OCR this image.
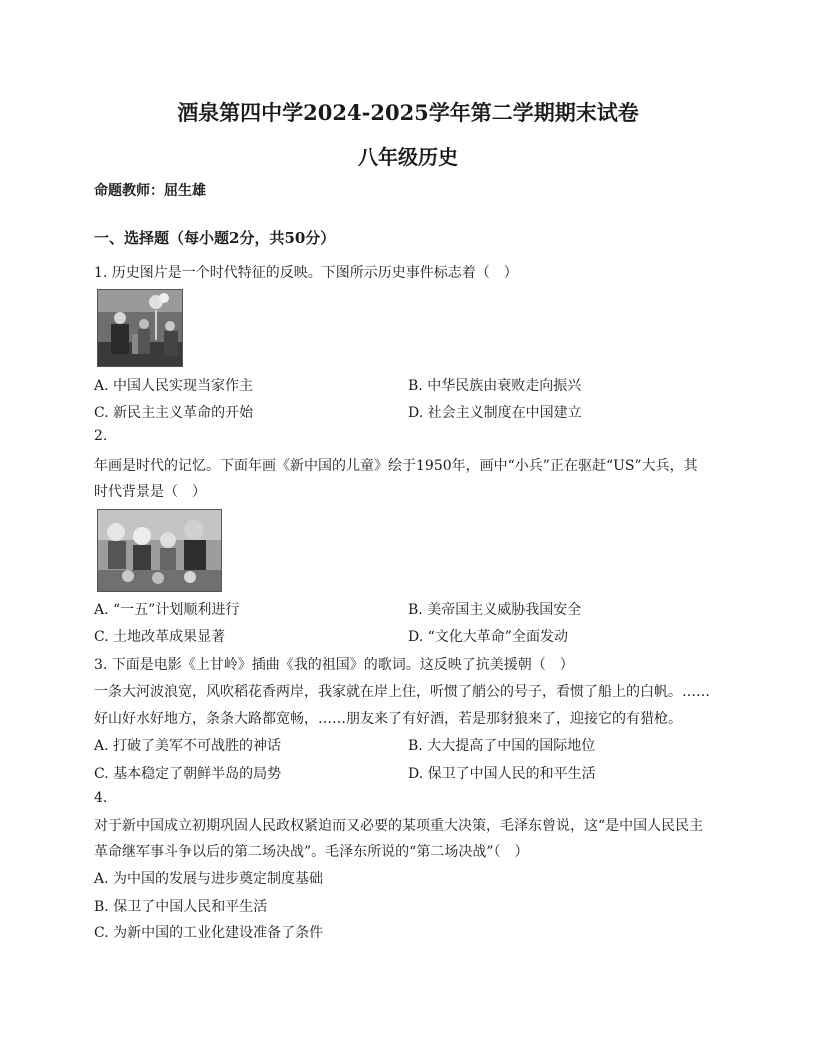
酒泉第四中学2024-2025学年第二学期期末试卷
八年级历史
命题教师：屈生雄
一、选择题（每小题2分，共50分）
1. 历史图片是一个时代特征的反映。下图所示历史事件标志着（　）
A. 中国人民实现当家作主	B. 中华民族由衰败走向振兴
C. 新民主主义革命的开始	D. 社会主义制度在中国建立
2.
年画是时代的记忆。下面年画《新中国的儿童》绘于1950年，画中“小兵”正在驱赶“US”大兵，其
时代背景是（　）
A. “一五”计划顺利进行	B. 美帝国主义威胁我国安全
C. 土地改革成果显著	D. “文化大革命”全面发动
3. 下面是电影《上甘岭》插曲《我的祖国》的歌词。这反映了抗美援朝（　）
一条大河波浪宽，风吹稻花香两岸，我家就在岸上住，听惯了艄公的号子，看惯了船上的白帆。……
好山好水好地方，条条大路都宽畅，……朋友来了有好酒，若是那豺狼来了，迎接它的有猎枪。
A. 打破了美军不可战胜的神话	B. 大大提高了中国的国际地位
C. 基本稳定了朝鲜半岛的局势	D. 保卫了中国人民的和平生活
4.
对于新中国成立初期巩固人民政权紧迫而又必要的某项重大决策，毛泽东曾说，这“是中国人民民主
革命继军事斗争以后的第二场决战”。毛泽东所说的“第二场决战”（　）
A. 为中国的发展与进步奠定制度基础
B. 保卫了中国人民和平生活
C. 为新中国的工业化建设准备了条件
